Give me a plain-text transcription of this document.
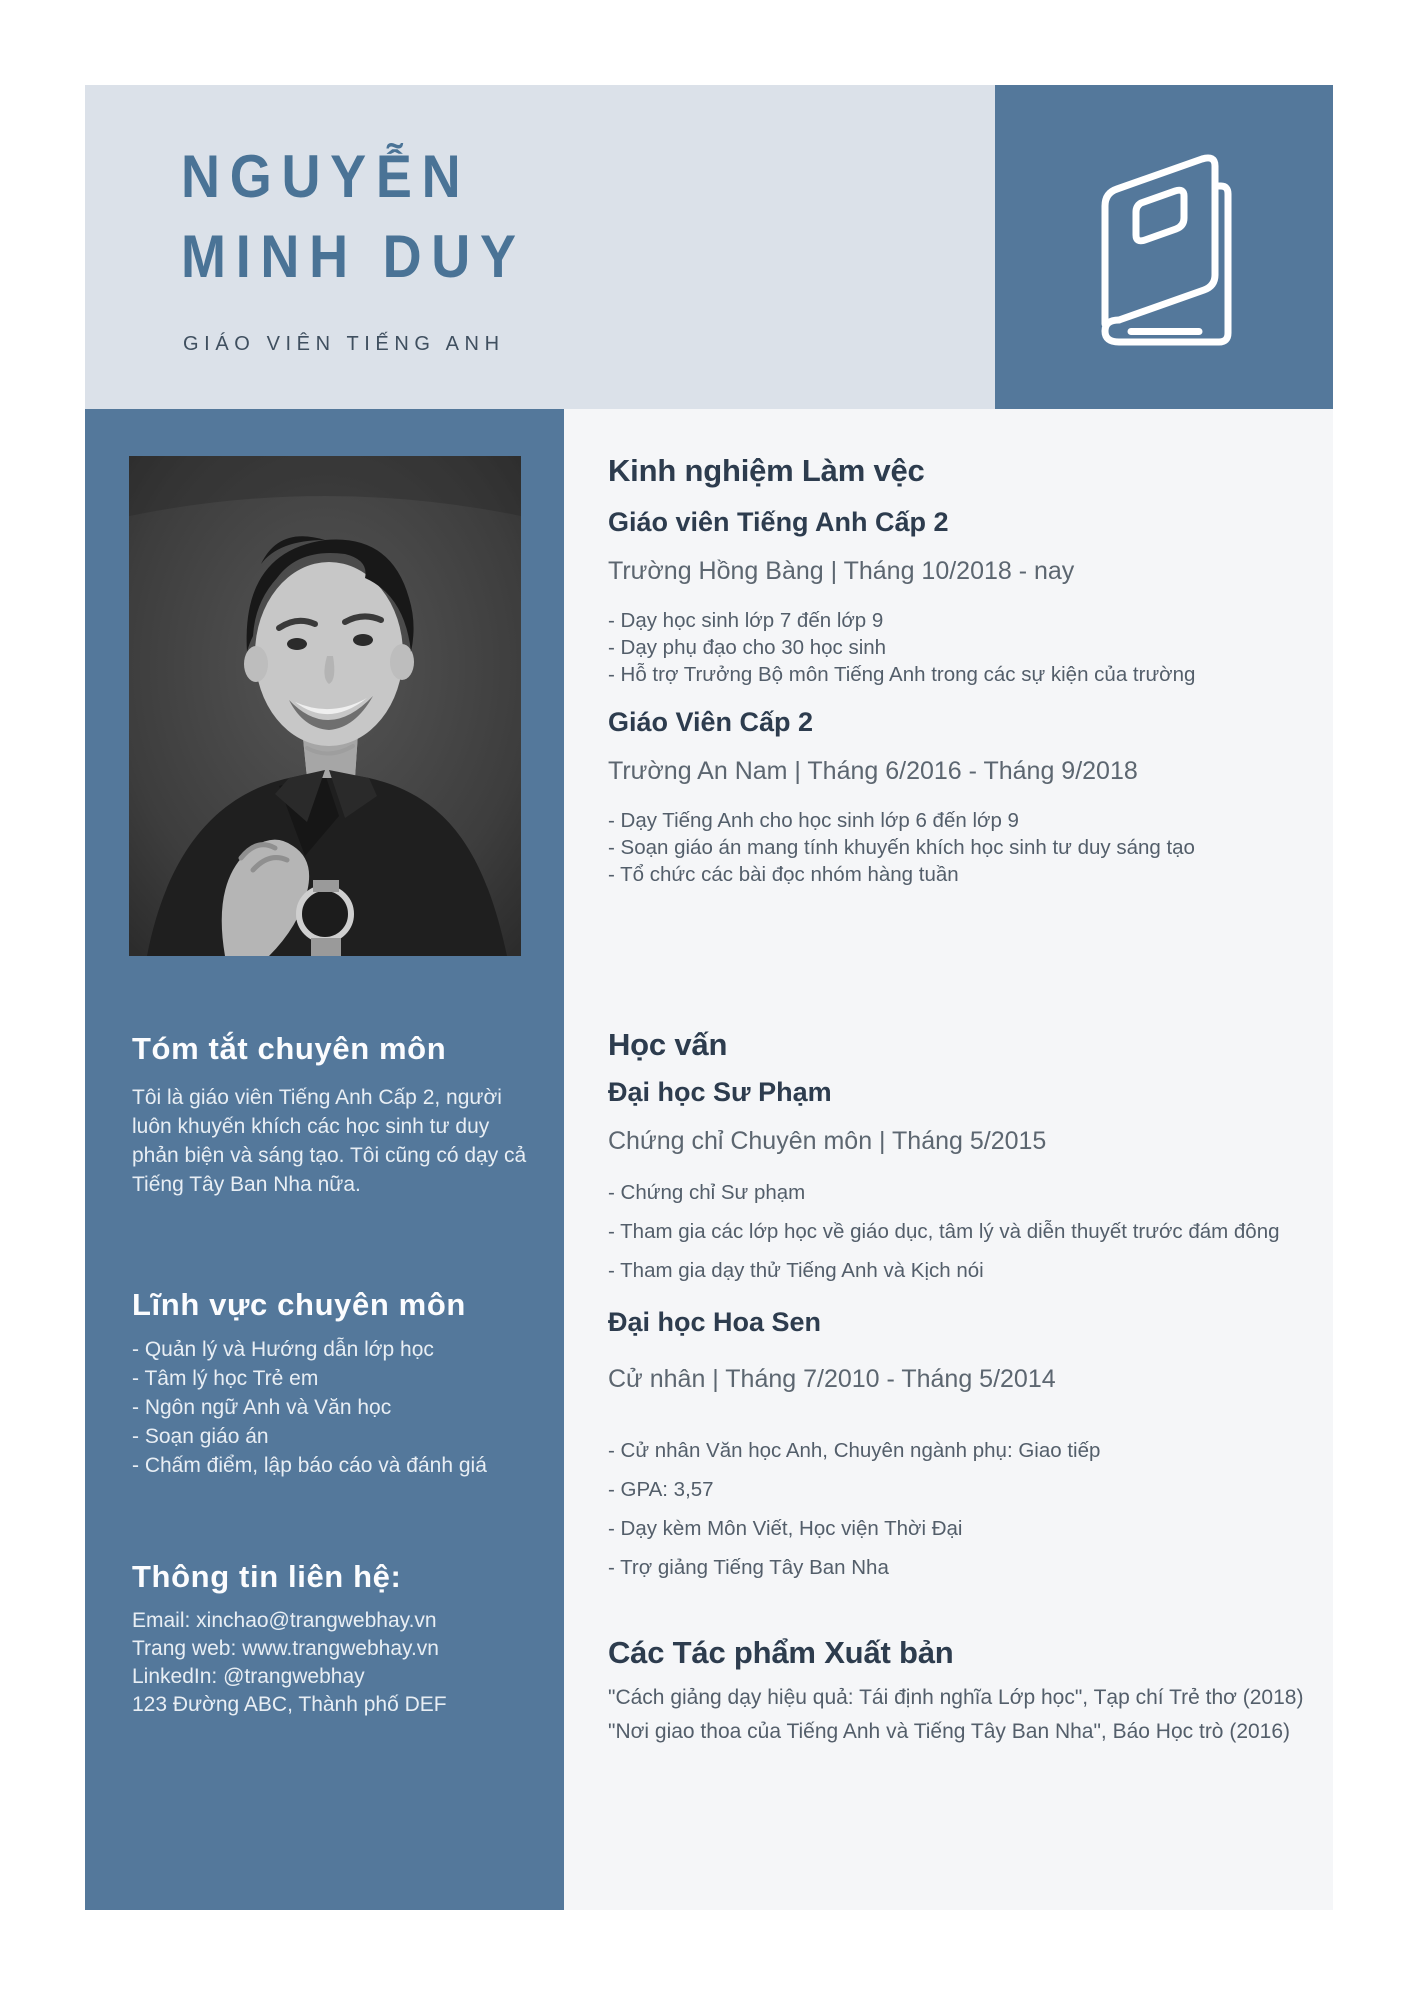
NGUYỄN
MINH DUY
GIÁO VIÊN TIẾNG ANH
Tóm tắt chuyên môn

Tôi là giáo viên Tiếng Anh Cấp 2, người luôn khuyến khích các học sinh tư duy phản biện và sáng tạo. Tôi cũng có dạy cả Tiếng Tây Ban Nha nữa.

Lĩnh vực chuyên môn
- Quản lý và Hướng dẫn lớp học
- Tâm lý học Trẻ em
- Ngôn ngữ Anh và Văn học
- Soạn giáo án
- Chấm điểm, lập báo cáo và đánh giá
Thông tin liên hệ:
Email: xinchao@trangwebhay.vn
Trang web: www.trangwebhay.vn
LinkedIn: @trangwebhay
123 Đường ABC, Thành phố DEF
Kinh nghiệm Làm vệc
Giáo viên Tiếng Anh Cấp 2
Trường Hồng Bàng | Tháng 10/2018 - nay
- Dạy học sinh lớp 7 đến lớp 9
- Dạy phụ đạo cho 30 học sinh
- Hỗ trợ Trưởng Bộ môn Tiếng Anh trong các sự kiện của trường
Giáo Viên Cấp 2
Trường An Nam | Tháng 6/2016 - Tháng 9/2018
- Dạy Tiếng Anh cho học sinh lớp 6 đến lớp 9
- Soạn giáo án mang tính khuyến khích học sinh tư duy sáng tạo
- Tổ chức các bài đọc nhóm hàng tuần
Học vấn
Đại học Sư Phạm
Chứng chỉ Chuyên môn | Tháng 5/2015
- Chứng chỉ Sư phạm
- Tham gia các lớp học về giáo dục, tâm lý và diễn thuyết trước đám đông
- Tham gia dạy thử Tiếng Anh và Kịch nói
Đại học Hoa Sen
Cử nhân | Tháng 7/2010 - Tháng 5/2014
- Cử nhân Văn học Anh, Chuyên ngành phụ: Giao tiếp
- GPA: 3,57
- Dạy kèm Môn Viết, Học viện Thời Đại
- Trợ giảng Tiếng Tây Ban Nha
Các Tác phẩm Xuất bản
"Cách giảng dạy hiệu quả: Tái định nghĩa Lớp học", Tạp chí Trẻ thơ (2018)
"Nơi giao thoa của Tiếng Anh và Tiếng Tây Ban Nha", Báo Học trò (2016)
